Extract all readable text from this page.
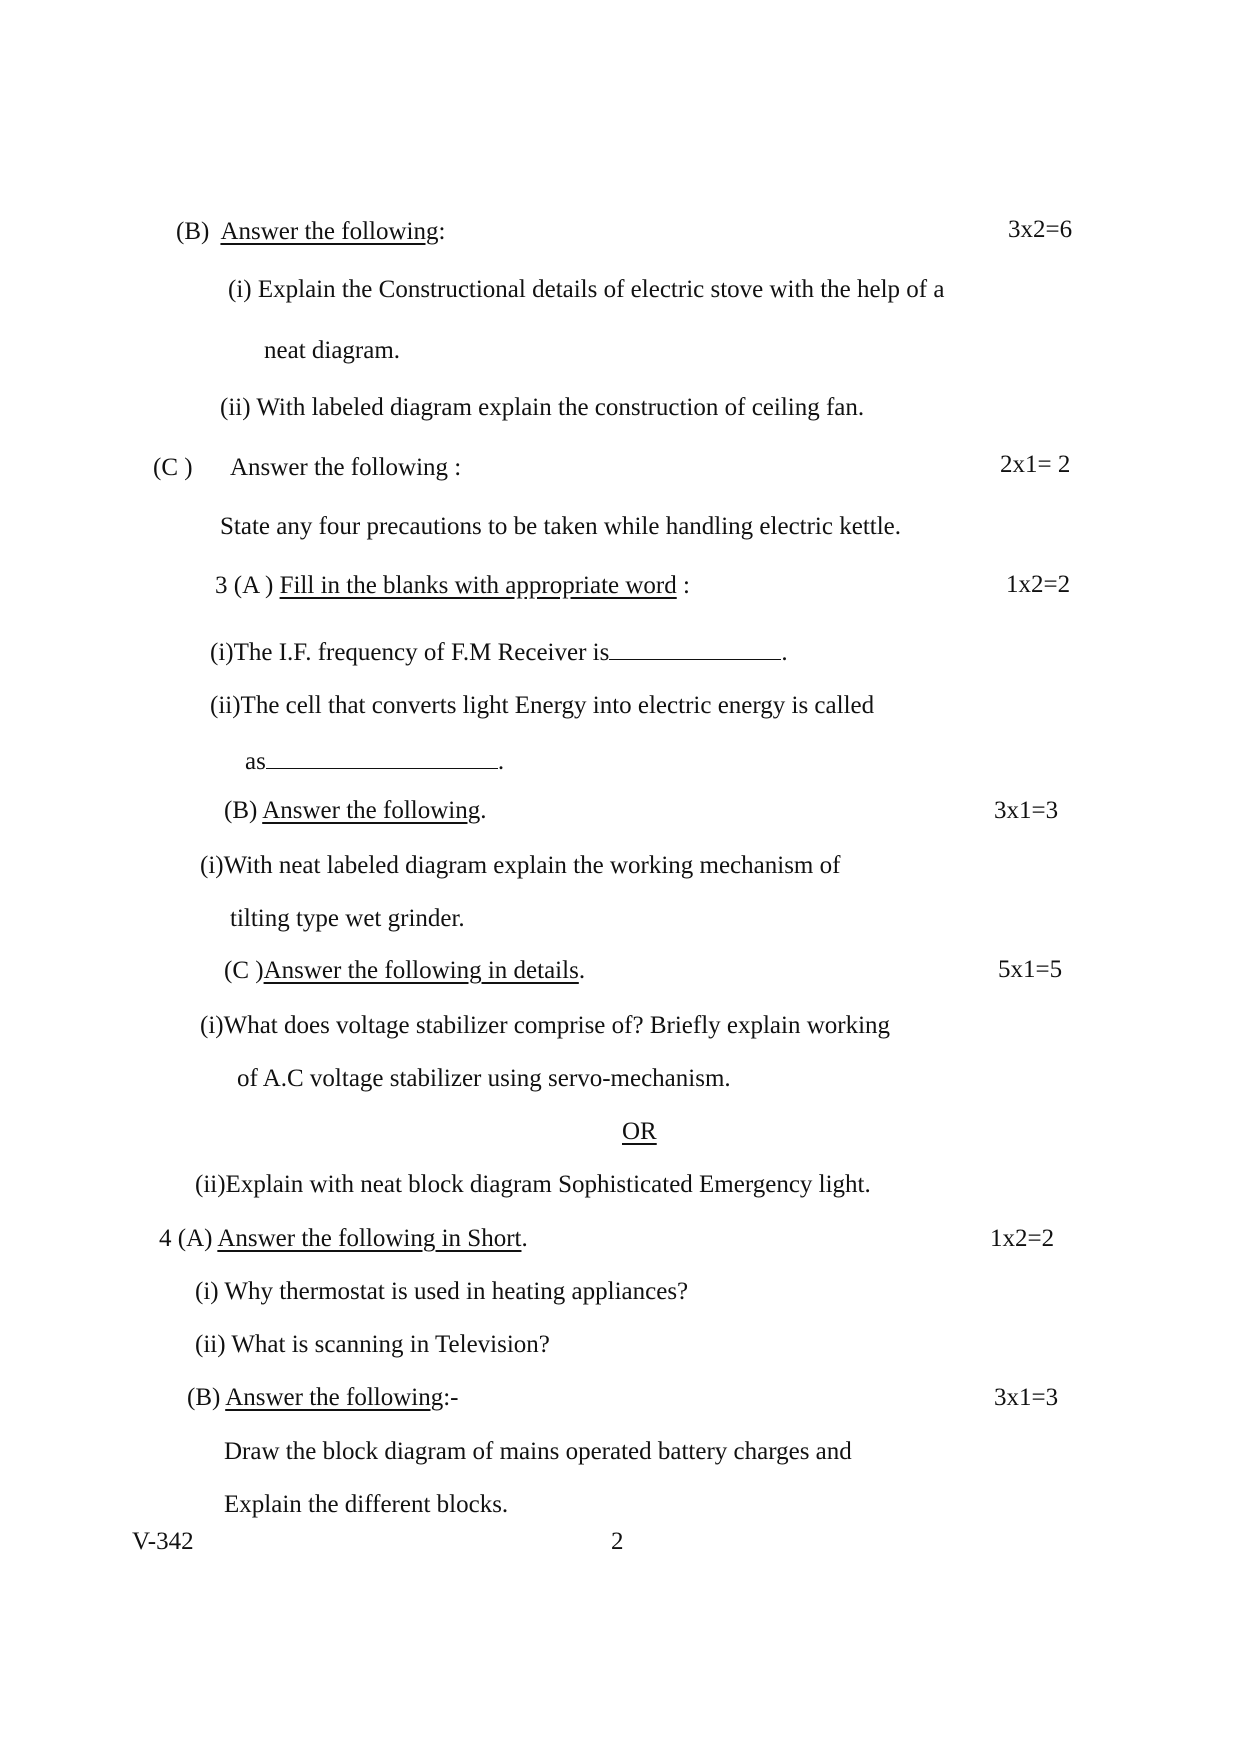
(B) Answer the following:	3x2=6
(i) Explain the Constructional details of electric stove with the help of a
neat diagram.
(ii) With labeled diagram explain the construction of ceiling fan.
(C ) Answer the following :	2x1= 2
State any four precautions to be taken while handling electric kettle.
3 (A ) Fill in the blanks with appropriate word :	1x2=2
(i)The I.F. frequency of F.M Receiver is	.
(ii)The cell that converts light Energy into electric energy is called
as	.
(B) Answer the following.	3x1=3
(i)With neat labeled diagram explain the working mechanism of
tilting type wet grinder.
(C )Answer the following in details.	5x1=5
(i)What does voltage stabilizer comprise of? Briefly explain working
of A.C voltage stabilizer using servo-mechanism.
OR
(ii)Explain with neat block diagram Sophisticated Emergency light.
4 (A) Answer the following in Short.	1x2=2
(i) Why thermostat is used in heating appliances?
(ii) What is scanning in Television?
(B) Answer the following:-	3x1=3
Draw the block diagram of mains operated battery charges and
Explain the different blocks.
V-342	2
